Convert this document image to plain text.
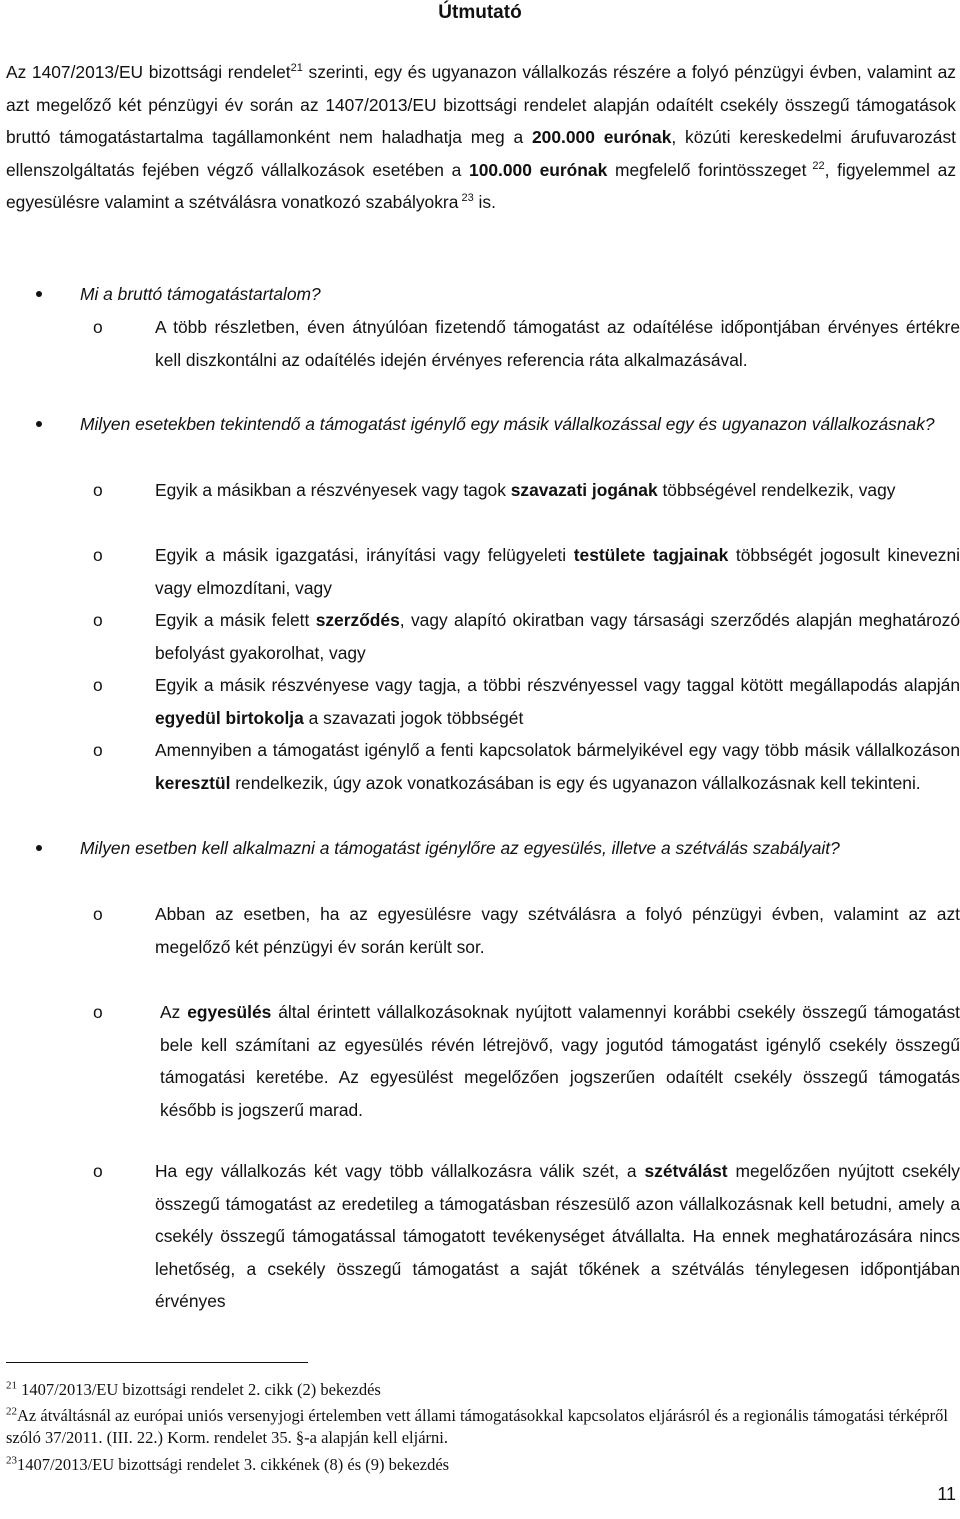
Útmutató
Az 1407/2013/EU bizottsági rendelet$^{21}$ szerinti, egy és ugyanazon vállalkozás részére a folyó pénzügyi évben, valamint az azt megelőző két pénzügyi év során az 1407/2013/EU bizottsági rendelet alapján odaítélt csekély összegű támogatások bruttó támogatástartalma tagállamonként nem haladhatja meg a 200.000 eurónak, közúti kereskedelmi árufuvarozást ellenszolgáltatás fejében végző vállalkozások esetében a 100.000 eurónak megfelelő forintösszeget $^{22}$, figyelemmel az egyesülésre valamint a szétválásra vonatkozó szabályokra $^{23}$ is.
Mi a bruttó támogatástartalom?
o	A több részletben, éven átnyúlóan fizetendő támogatást az odaítélése időpontjában érvényes értékre kell diszkontálni az odaítélés idején érvényes referencia ráta alkalmazásával.
Milyen esetekben tekintendő a támogatást igénylő egy másik vállalkozással egy és ugyanazon vállalkozásnak?
o	Egyik a másikban a részvényesek vagy tagok szavazati jogának többségével rendelkezik, vagy
o	Egyik a másik igazgatási, irányítási vagy felügyeleti testülete tagjainak többségét jogosult kinevezni vagy elmozdítani, vagy
o	Egyik a másik felett szerződés, vagy alapító okiratban vagy társasági szerződés alapján meghatározó befolyást gyakorolhat, vagy
o	Egyik a másik részvényese vagy tagja, a többi részvényessel vagy taggal kötött megállapodás alapján egyedül birtokolja a szavazati jogok többségét
o	Amennyiben a támogatást igénylő a fenti kapcsolatok bármelyikével egy vagy több másik vállalkozáson keresztül rendelkezik, úgy azok vonatkozásában is egy és ugyanazon vállalkozásnak kell tekinteni.
Milyen esetben kell alkalmazni a támogatást igénylőre az egyesülés, illetve a szétválás szabályait?
o	Abban az esetben, ha az egyesülésre vagy szétválásra a folyó pénzügyi évben, valamint az azt megelőző két pénzügyi év során került sor.
o	Az egyesülés által érintett vállalkozásoknak nyújtott valamennyi korábbi csekély összegű támogatást bele kell számítani az egyesülés révén létrejövő, vagy jogutód támogatást igénylő csekély összegű támogatási keretébe. Az egyesülést megelőzően jogszerűen odaítélt csekély összegű támogatás később is jogszerű marad.
o	Ha egy vállalkozás két vagy több vállalkozásra válik szét, a szétválást megelőzően nyújtott csekély összegű támogatást az eredetileg a támogatásban részesülő azon vállalkozásnak kell betudni, amely a csekély összegű támogatással támogatott tevékenységet átvállalta. Ha ennek meghatározására nincs lehetőség, a csekély összegű támogatást a saját tőkének a szétválás ténylegesen időpontjában érvényes
$^{21}$ 1407/2013/EU bizottsági rendelet 2. cikk (2) bekezdés
$^{22}$Az átváltásnál az európai uniós versenyjogi értelemben vett állami támogatásokkal kapcsolatos eljárásról és a regionális támogatási térképről szóló 37/2011. (III. 22.) Korm. rendelet 35. §-a alapján kell eljárni.
$^{23}$1407/2013/EU bizottsági rendelet 3. cikkének (8) és (9) bekezdés
11
